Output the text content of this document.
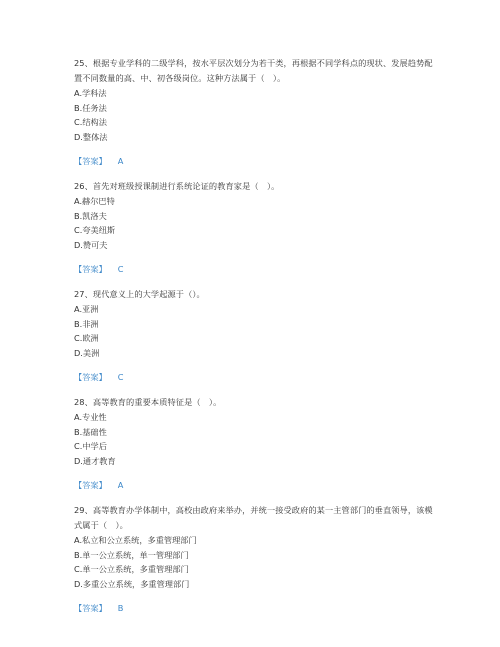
25、根据专业学科的二级学科，按水平层次划分为若干类，再根据不同学科点的现状、发展趋势配置不同数量的高、中、初各级岗位。这种方法属于（　）。

A.学科法
B.任务法
C.结构法
D.整体法
【答案】 A

26、首先对班级授课制进行系统论证的教育家是（　）。

A.赫尔巴特
B.凯洛夫
C.夸美纽斯
D.赞可夫
【答案】 C

27、现代意义上的大学起源于（）。

A.亚洲
B.非洲
C.欧洲
D.美洲
【答案】 C

28、高等教育的重要本质特征是（　）。

A.专业性
B.基础性
C.中学后
D.通才教育
【答案】 A

29、高等教育办学体制中，高校由政府来举办，并统一接受政府的某一主管部门的垂直领导，该模式属于（　）。

A.私立和公立系统，多重管理部门
B.单一公立系统，单一管理部门
C.单一公立系统，多重管理部门
D.多重公立系统，多重管理部门
【答案】 B
